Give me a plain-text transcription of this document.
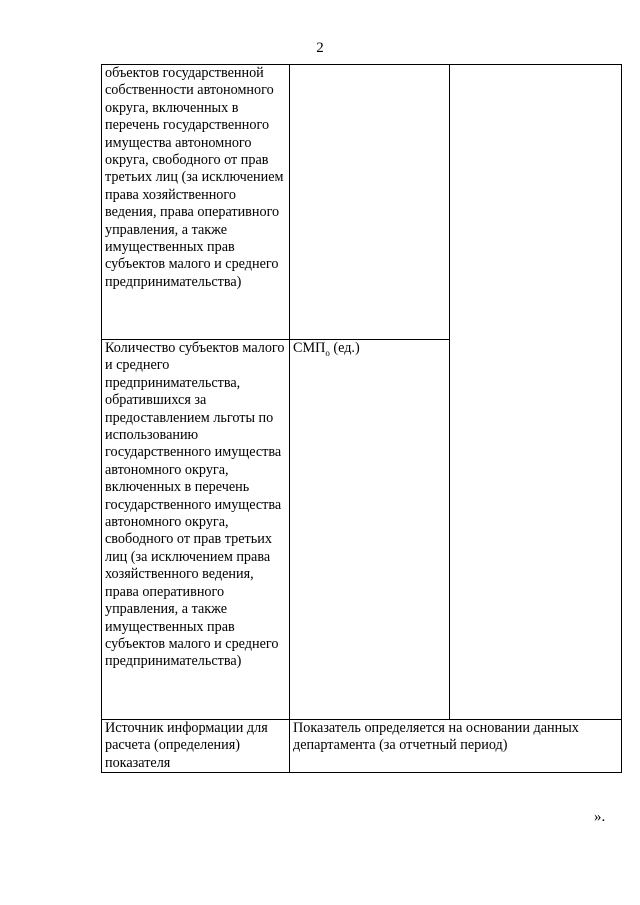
2
объектов государственной собственности автономного округа, включенных в перечень государственного имущества автономного округа, свободного от прав третьих лиц (за исключением права хозяйственного ведения, права оперативного управления, а также имущественных прав субъектов малого и среднего предпринимательства)		

Количество субъектов малого и среднего предпринимательства, обратившихся за предоставлением льготы по использованию государственного имущества автономного округа, включенных в перечень государственного имущества автономного округа, свободного от прав третьих лиц (за исключением права хозяйственного ведения, права оперативного управления, а также имущественных прав субъектов малого и среднего предпринимательства)	$СМП_о$ (ед.)	

Источник информации для расчета (определения) показателя	Показатель определяется на основании данных департамента (за отчетный период)	
».
